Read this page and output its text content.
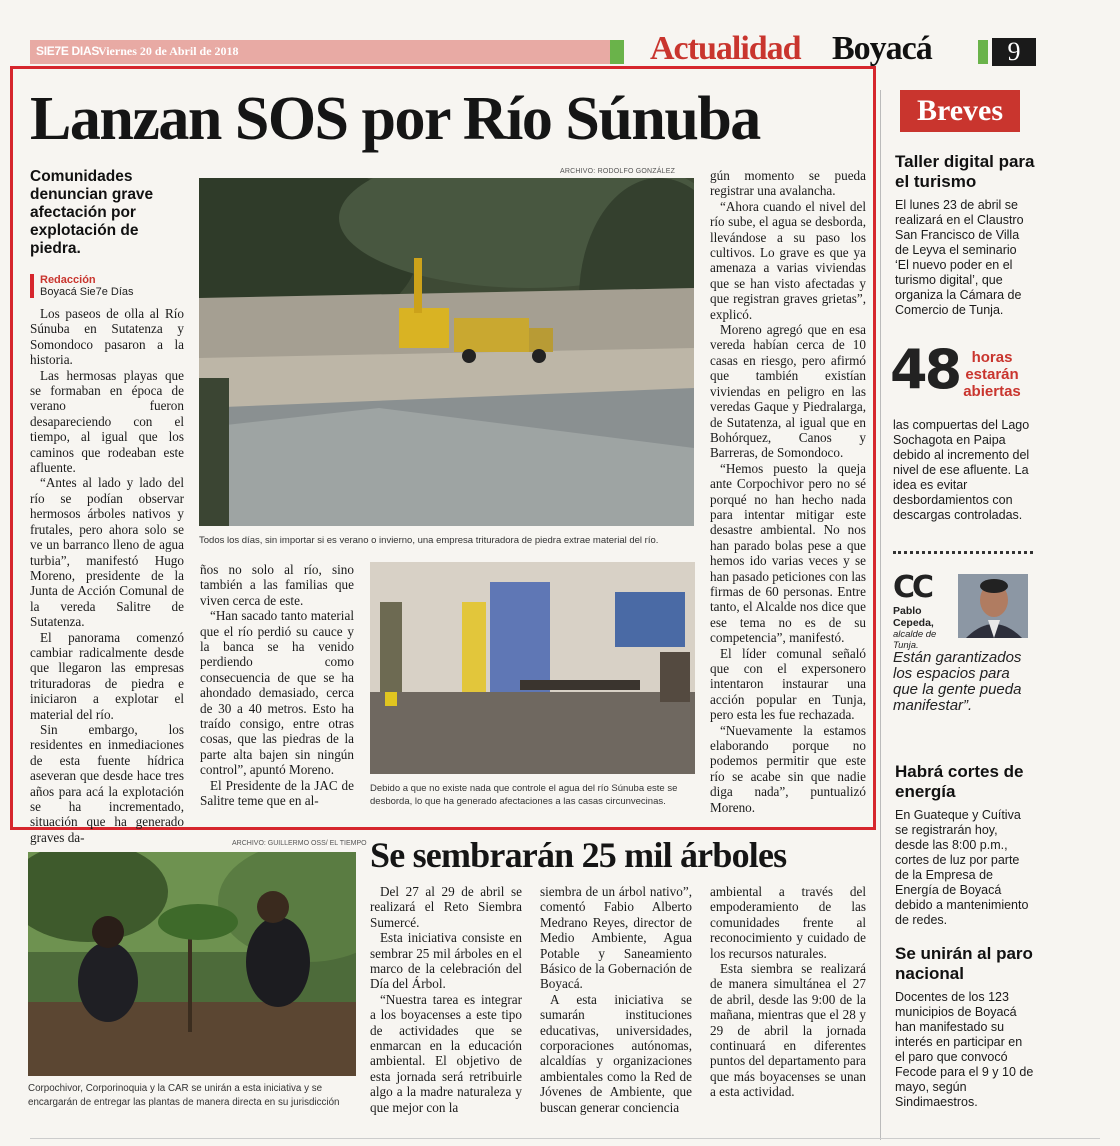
SIE7E DIAS
Viernes 20 de Abril de 2018	Actualidad Boyacá	9
Lanzan SOS por Río Súnuba
Comunidades denuncian grave afectación por explotación de piedra.
Redacción
Boyacá Sie7e Días

Los paseos de olla al Río Súnuba en Sutatenza y Somondoco pasaron a la historia.

Las hermosas playas que se formaban en época de verano fueron desapareciendo con el tiempo, al igual que los caminos que rodeaban este afluente.

“Antes al lado y lado del río se podían observar hermosos árboles nativos y frutales, pero ahora solo se ve un barranco lleno de agua turbia”, manifestó Hugo Moreno, presidente de la Junta de Acción Comunal de la vereda Salitre de Sutatenza.

El panorama comenzó cambiar radicalmente desde que llegaron las empresas trituradoras de piedra e iniciaron a explotar el material del río.

Sin embargo, los residentes en inmediaciones de esta fuente hídrica aseveran que desde hace tres años para acá la explotación se ha incrementado, situación que ha generado graves da-

ARCHIVO: RODOLFO GONZÁLEZ
Todos los días, sin importar si es verano o invierno, una empresa trituradora de piedra extrae material del río.

ños no solo al río, sino también a las familias que viven cerca de este.

“Han sacado tanto material que el río perdió su cauce y la banca se ha venido perdiendo como consecuencia de que se ha ahondado demasiado, cerca de 30 a 40 metros. Esto ha traído consigo, entre otras cosas, que las piedras de la parte alta bajen sin ningún control”, apuntó Moreno.

El Presidente de la JAC de Salitre teme que en al-

Debido a que no existe nada que controle el agua del río Súnuba este se desborda, lo que ha generado afectaciones a las casas circunvecinas.

gún momento se pueda registrar una avalancha.

“Ahora cuando el nivel del río sube, el agua se desborda, llevándose a su paso los cultivos. Lo grave es que ya amenaza a varias viviendas que se han visto afectadas y que registran graves grietas”, explicó.

Moreno agregó que en esa vereda habían cerca de 10 casas en riesgo, pero afirmó que también existían viviendas en peligro en las veredas Gaque y Piedralarga, de Sutatenza, al igual que en Bohórquez, Canos y Barreras, de Somondoco.

“Hemos puesto la queja ante Corpochivor pero no sé porqué no han hecho nada para intentar mitigar este desastre ambiental. No nos han parado bolas pese a que hemos ido varias veces y se han pasado peticiones con las firmas de 60 personas. Entre tanto, el Alcalde nos dice que ese tema no es de su competencia”, manifestó.

El líder comunal señaló que con el expersonero intentaron instaurar una acción popular en Tunja, pero esta les fue rechazada.

“Nuevamente la estamos elaborando porque no podemos permitir que este río se acabe sin que nadie diga nada”, puntualizó Moreno.

Breves
Taller digital para el turismo
El lunes 23 de abril se realizará en el Claustro San Francisco de Villa de Leyva el seminario ‘El nuevo poder en el turismo digital’, que organiza la Cámara de Comercio de Tunja.
48 horas estarán abiertas
las compuertas del Lago Sochagota en Paipa debido al incremento del nivel de ese afluente. La idea es evitar desbordamientos con descargas controladas.
CC
Pablo Cepeda,
alcalde de Tunja.
Están garantizados los espacios para que la gente pueda manifestar”.
Habrá cortes de energía
En Guateque y Cuítiva se registrarán hoy, desde las 8:00 p.m., cortes de luz por parte de la Empresa de Energía de Boyacá debido a mantenimiento de redes.
Se unirán al paro nacional
Docentes de los 123 municipios de Boyacá han manifestado su interés en participar en el paro que convocó Fecode para el 9 y 10 de mayo, según Sindimaestros.
ARCHIVO: GUILLERMO OSS/ EL TIEMPO
Corpochivor, Corporinoquia y la CAR se unirán a esta iniciativa y se encargarán de entregar las plantas de manera directa en su jurisdicción
Se sembrarán 25 mil árboles

Del 27 al 29 de abril se realizará el Reto Siembra Sumercé.

Esta iniciativa consiste en sembrar 25 mil árboles en el marco de la celebración del Día del Árbol.

“Nuestra tarea es integrar a los boyacenses a este tipo de actividades que se enmarcan en la educación ambiental. El objetivo de esta jornada será retribuirle algo a la madre naturaleza y que mejor con la

siembra de un árbol nativo”, comentó Fabio Alberto Medrano Reyes, director de Medio Ambiente, Agua Potable y Saneamiento Básico de la Gobernación de Boyacá.

A esta iniciativa se sumarán instituciones educativas, universidades, corporaciones autónomas, alcaldías y organizaciones ambientales como la Red de Jóvenes de Ambiente, que buscan generar conciencia

ambiental a través del empoderamiento de las comunidades frente al reconocimiento y cuidado de los recursos naturales.

Esta siembra se realizará de manera simultánea el 27 de abril, desde las 9:00 de la mañana, mientras que el 28 y 29 de abril la jornada continuará en diferentes puntos del departamento para que más boyacenses se unan a esta actividad.
